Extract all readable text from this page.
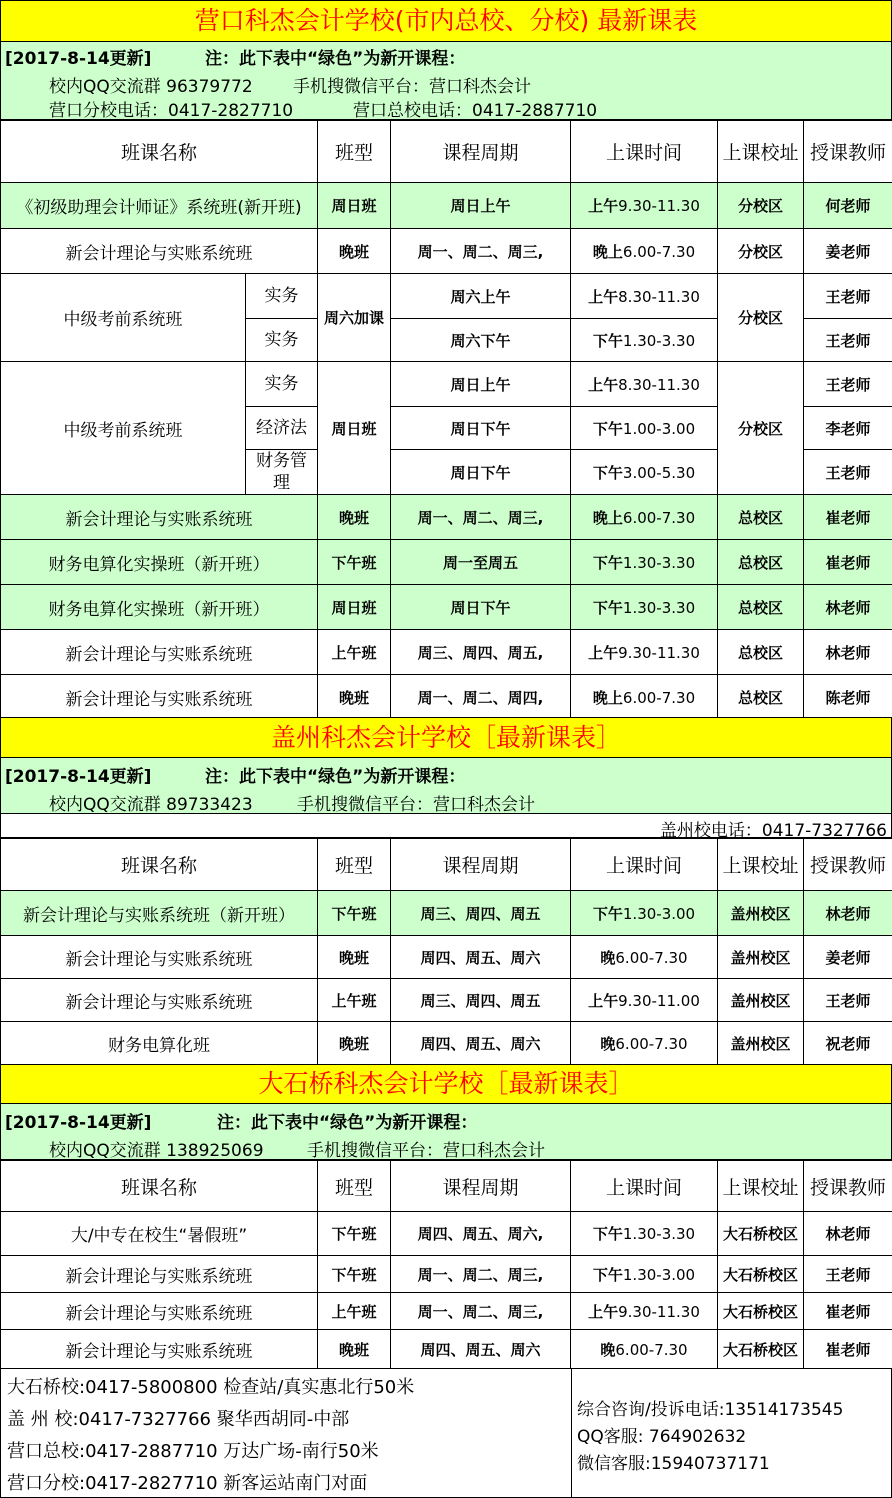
营口科杰会计学校(市内总校、分校) 最新课表
[2017-8-14更新]	注：此下表中“绿色”为新开课程：
校内QQ交流群 96379772 手机搜微信平台：营口科杰会计
营口分校电话：0417-2827710	营口总校电话：0417-2887710
班课名称		班型	课程周期	上课时间	上课校址	授课教师
《初级助理会计师证》系统班(新开班)		周日班	周日上午	上午9.30-11.30	分校区	何老师
新会计理论与实账系统班		晚班	周一、周二、周三,	晚上6.00-7.30	分校区	姜老师
中级考前系统班	实务	周六加课	周六上午	上午8.30-11.30	分校区	王老师
	实务		周六下午	下午1.30-3.30		王老师
中级考前系统班	实务	周日班	周日上午	上午8.30-11.30	分校区	王老师
	经济法		周日下午	下午1.00-3.00		李老师
	财务管理		周日下午	下午3.00-5.30		王老师
新会计理论与实账系统班		晚班	周一、周二、周三,	晚上6.00-7.30	总校区	崔老师
财务电算化实操班（新开班）		下午班	周一至周五	下午1.30-3.30	总校区	崔老师
财务电算化实操班（新开班）		周日班	周日下午	下午1.30-3.30	总校区	林老师
新会计理论与实账系统班		上午班	周三、周四、周五,	上午9.30-11.30	总校区	林老师
新会计理论与实账系统班		晚班	周一、周二、周四,	晚上6.00-7.30	总校区	陈老师
盖州科杰会计学校［最新课表］
[2017-8-14更新]	注：此下表中“绿色”为新开课程：
校内QQ交流群 89733423	手机搜微信平台：营口科杰会计
盖州校电话：0417-7327766
班课名称	班型	课程周期	上课时间	上课校址	授课教师
新会计理论与实账系统班（新开班）	下午班	周三、周四、周五	下午1.30-3.00	盖州校区	林老师
新会计理论与实账系统班	晚班	周四、周五、周六	晚6.00-7.30	盖州校区	姜老师
新会计理论与实账系统班	上午班	周三、周四、周五	上午9.30-11.00	盖州校区	王老师
财务电算化班	晚班	周四、周五、周六	晚6.00-7.30	盖州校区	祝老师
大石桥科杰会计学校［最新课表］
[2017-8-14更新]	注：此下表中“绿色”为新开课程：
校内QQ交流群 138925069	手机搜微信平台：营口科杰会计
班课名称	班型	课程周期	上课时间	上课校址	授课教师
大/中专在校生“暑假班”	下午班	周四、周五、周六,	下午1.30-3.30	大石桥校区	林老师
新会计理论与实账系统班	下午班	周一、周二、周三,	下午1.30-3.00	大石桥校区	王老师
新会计理论与实账系统班	上午班	周一、周二、周三,	上午9.30-11.30	大石桥校区	崔老师
新会计理论与实账系统班	晚班	周四、周五、周六	晚6.00-7.30	大石桥校区	崔老师
大石桥校:0417-5800800 检查站/真实惠北行50米
盖 州 校:0417-7327766 聚华西胡同-中部
营口总校:0417-2887710 万达广场-南行50米
营口分校:0417-2827710 新客运站南门对面
综合咨询/投诉电话:13514173545
QQ客服: 764902632
微信客服:15940737171
